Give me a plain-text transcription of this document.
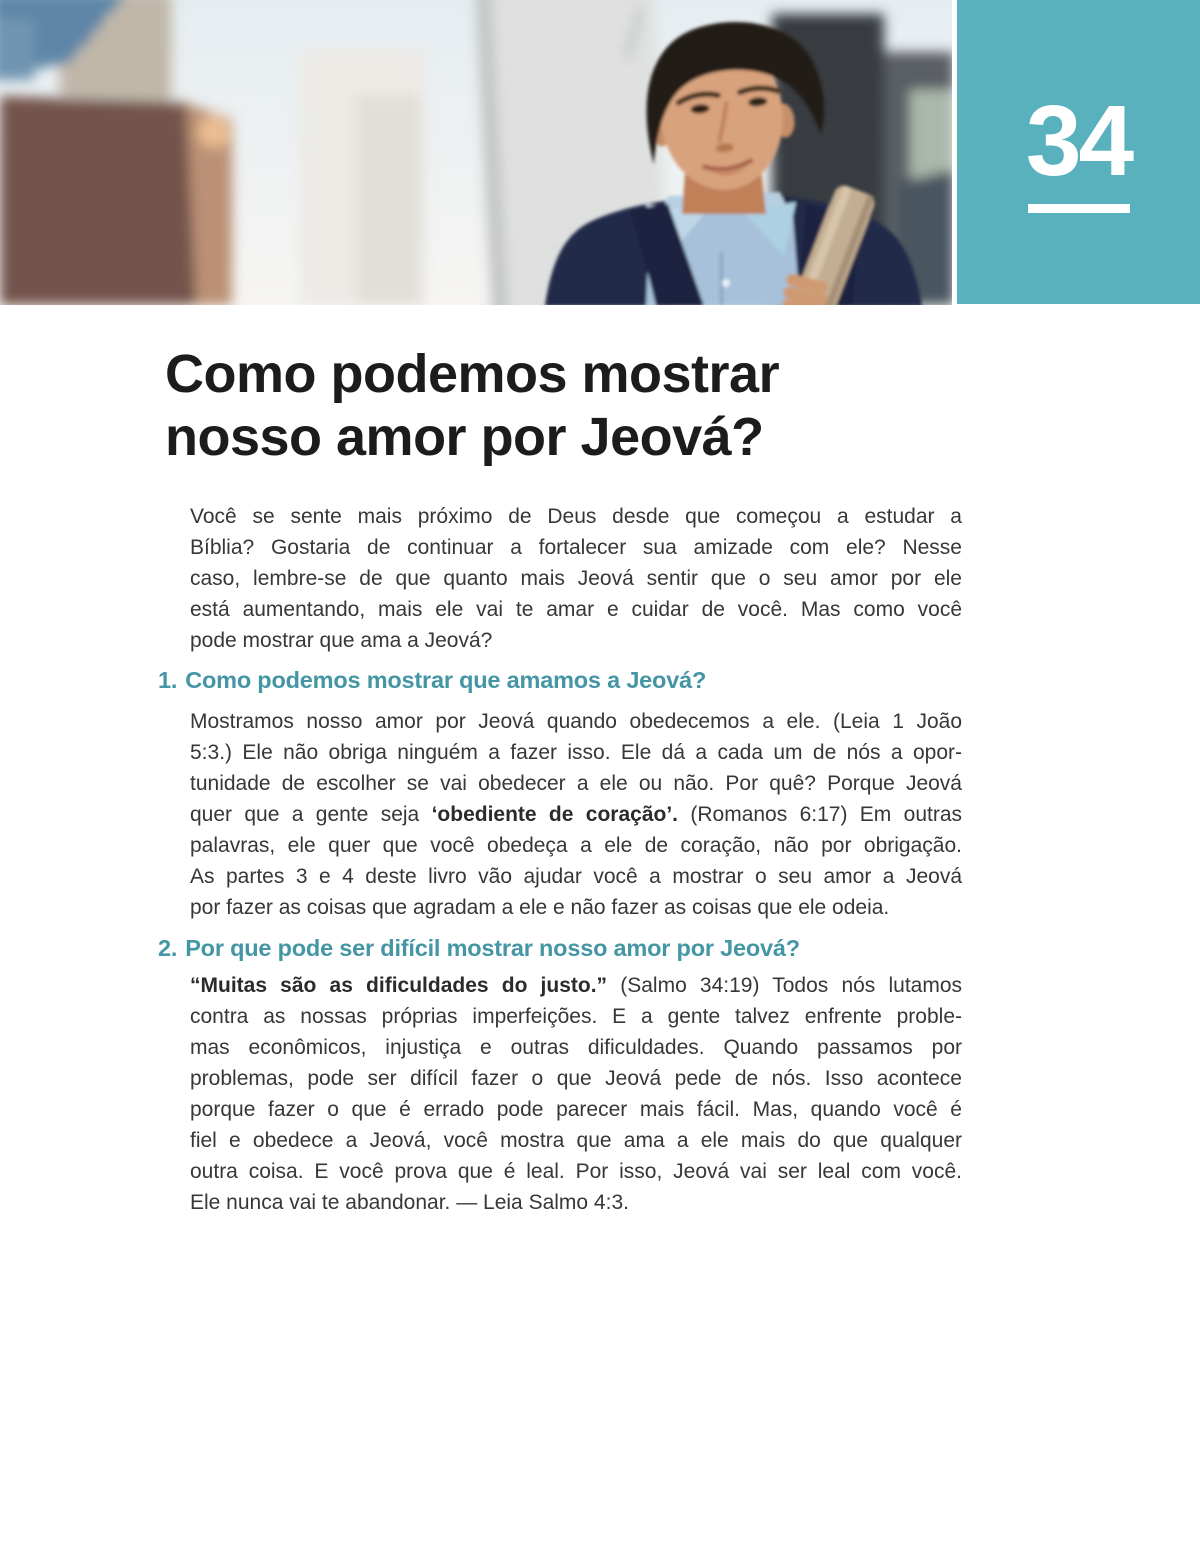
34
Como podemos mostrar
nosso amor por Jeová?
Você se sente mais próximo de Deus desde que começou a estudar a
Bíblia? Gostaria de continuar a fortalecer sua amizade com ele? Nesse
caso, lembre-se de que quanto mais Jeová sentir que o seu amor por ele
está aumentando, mais ele vai te amar e cuidar de você. Mas como você
pode mostrar que ama a Jeová?
1. Como podemos mostrar que amamos a Jeová?
Mostramos nosso amor por Jeová quando obedecemos a ele. (Leia 1 João
5:3.) Ele não obriga ninguém a fazer isso. Ele dá a cada um de nós a opor-
tunidade de escolher se vai obedecer a ele ou não. Por quê? Porque Jeová
quer que a gente seja ‘obediente de coração’. (Romanos 6:17) Em outras
palavras, ele quer que você obedeça a ele de coração, não por obrigação.
As partes 3 e 4 deste livro vão ajudar você a mostrar o seu amor a Jeová
por fazer as coisas que agradam a ele e não fazer as coisas que ele odeia.
2. Por que pode ser difícil mostrar nosso amor por Jeová?
“Muitas são as dificuldades do justo.” (Salmo 34:19) Todos nós lutamos
contra as nossas próprias imperfeições. E a gente talvez enfrente proble-
mas econômicos, injustiça e outras dificuldades. Quando passamos por
problemas, pode ser difícil fazer o que Jeová pede de nós. Isso acontece
porque fazer o que é errado pode parecer mais fácil. Mas, quando você é
fiel e obedece a Jeová, você mostra que ama a ele mais do que qualquer
outra coisa. E você prova que é leal. Por isso, Jeová vai ser leal com você.
Ele nunca vai te abandonar. — Leia Salmo 4:3.
